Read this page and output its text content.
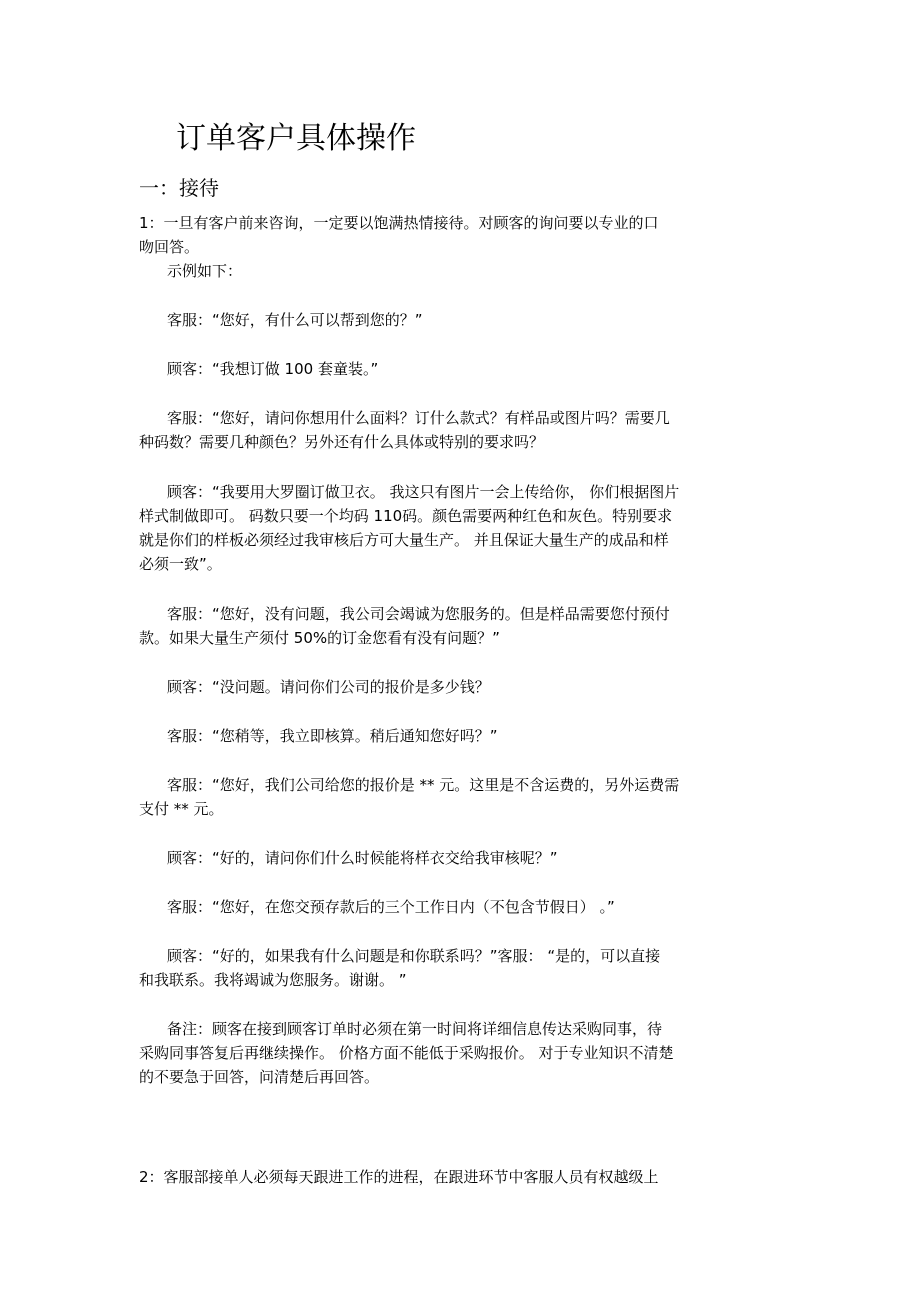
订单客户具体操作
一：接待

1：一旦有客户前来咨询，一定要以饱满热情接待。对顾客的询问要以专业的口
吻回答。

示例如下：

客服：“您好，有什么可以帮到您的？”

顾客：“我想订做 100 套童装。”

客服：“您好，请问你想用什么面料？订什么款式？有样品或图片吗？需要几
种码数？需要几种颜色？另外还有什么具体或特别的要求吗？

顾客：“我要用大罗圈订做卫衣。 我这只有图片一会上传给你， 你们根据图片
样式制做即可。 码数只要一个均码 110码。颜色需要两种红色和灰色。特别要求
就是你们的样板必须经过我审核后方可大量生产。 并且保证大量生产的成品和样
必须一致”。

客服：“您好，没有问题，我公司会竭诚为您服务的。但是样品需要您付预付
款。如果大量生产须付 50%的订金您看有没有问题？”

顾客：“没问题。请问你们公司的报价是多少钱？

客服：“您稍等，我立即核算。稍后通知您好吗？”

客服：“您好，我们公司给您的报价是 ** 元。这里是不含运费的，另外运费需
支付 ** 元。

顾客：“好的，请问你们什么时候能将样衣交给我审核呢？”

客服：“您好，在您交预存款后的三个工作日内（不包含节假日） 。”

顾客：“好的，如果我有什么问题是和你联系吗？”客服： “是的，可以直接
和我联系。我将竭诚为您服务。谢谢。 ”

备注：顾客在接到顾客订单时必须在第一时间将详细信息传达采购同事，待
采购同事答复后再继续操作。 价格方面不能低于采购报价。 对于专业知识不清楚
的不要急于回答，问清楚后再回答。

2：客服部接单人必须每天跟进工作的进程，在跟进环节中客服人员有权越级上
